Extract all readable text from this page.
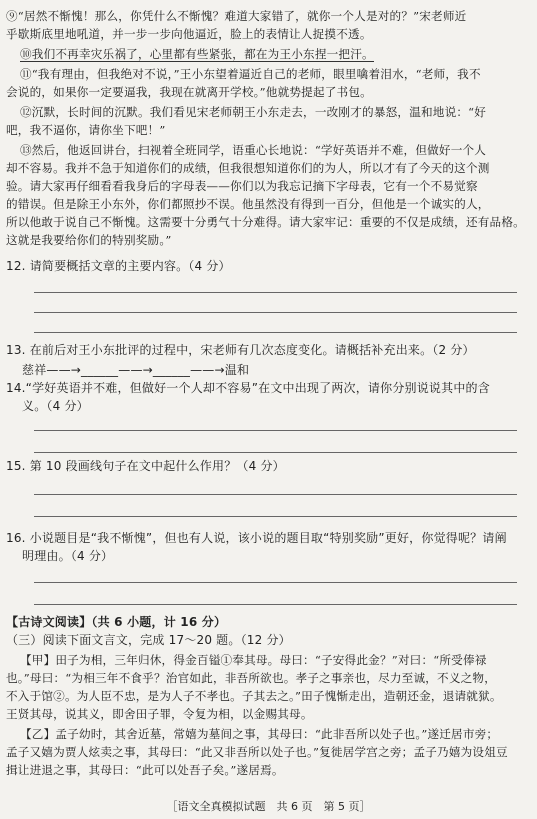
⑨“居然不惭愧！那么，你凭什么不惭愧？难道大家错了，就你一个人是对的？”宋老师近
乎歇斯底里地吼道，并一步一步向他逼近，脸上的表情让人捉摸不透。
⑩我们不再幸灾乐祸了，心里都有些紧张，都在为王小东捏一把汗。
⑪“我有理由，但我绝对不说，”王小东望着逼近自己的老师，眼里噙着泪水，“老师，我不
会说的，如果你一定要逼我，我现在就离开学校。”他就势提起了书包。
⑫沉默，长时间的沉默。我们看见宋老师朝王小东走去，一改刚才的暴怒，温和地说：“好
吧，我不逼你，请你坐下吧！”
⑬然后，他返回讲台，扫视着全班同学，语重心长地说：“学好英语并不难，但做好一个人
却不容易。我并不急于知道你们的成绩，但我很想知道你们的为人，所以才有了今天的这个测
验。请大家再仔细看看我身后的字母表——你们以为我忘记摘下字母表，它有一个不易觉察
的错误。但是除王小东外，你们都照抄不误。他虽然没有得到一百分，但他是一个诚实的人，
所以他敢于说自己不惭愧。这需要十分勇气十分难得。请大家牢记：重要的不仅是成绩，还有品格。
这就是我要给你们的特别奖励。”
12. 请简要概括文章的主要内容。（4 分）
13. 在前后对王小东批评的过程中，宋老师有几次态度变化。请概括补充出来。（2 分）
慈祥——→______——→______——→温和
14.“学好英语并不难，但做好一个人却不容易”在文中出现了两次，请你分别说说其中的含
义。（4 分）
15. 第 10 段画线句子在文中起什么作用？（4 分）
16. 小说题目是“我不惭愧”，但也有人说，该小说的题目取“特别奖励”更好，你觉得呢？请阐
明理由。（4 分）
【古诗文阅读】（共 6 小题，计 16 分）
（三）阅读下面文言文，完成 17～20 题。（12 分）
【甲】田子为相，三年归休，得金百镒①奉其母。母曰：“子安得此金？”对曰：“所受俸禄
也。”母曰：“为相三年不食乎？治官如此，非吾所欲也。孝子之事亲也，尽力至诚，不义之物，
不入于馆②。为人臣不忠，是为人子不孝也。子其去之。”田子愧惭走出，造朝还金，退请就狱。
王贤其母，说其义，即舍田子罪，令复为相，以金赐其母。
【乙】孟子幼时，其舍近墓，常嬉为墓间之事，其母曰：“此非吾所以处子也。”遂迁居市旁；
孟子又嬉为贾人炫卖之事，其母曰：“此又非吾所以处子也。”复徙居学宫之旁；孟子乃嬉为设俎豆
揖让进退之事，其母曰：“此可以处吾子矣。”遂居焉。
［语文全真模拟试题　共 6 页　第 5 页］
